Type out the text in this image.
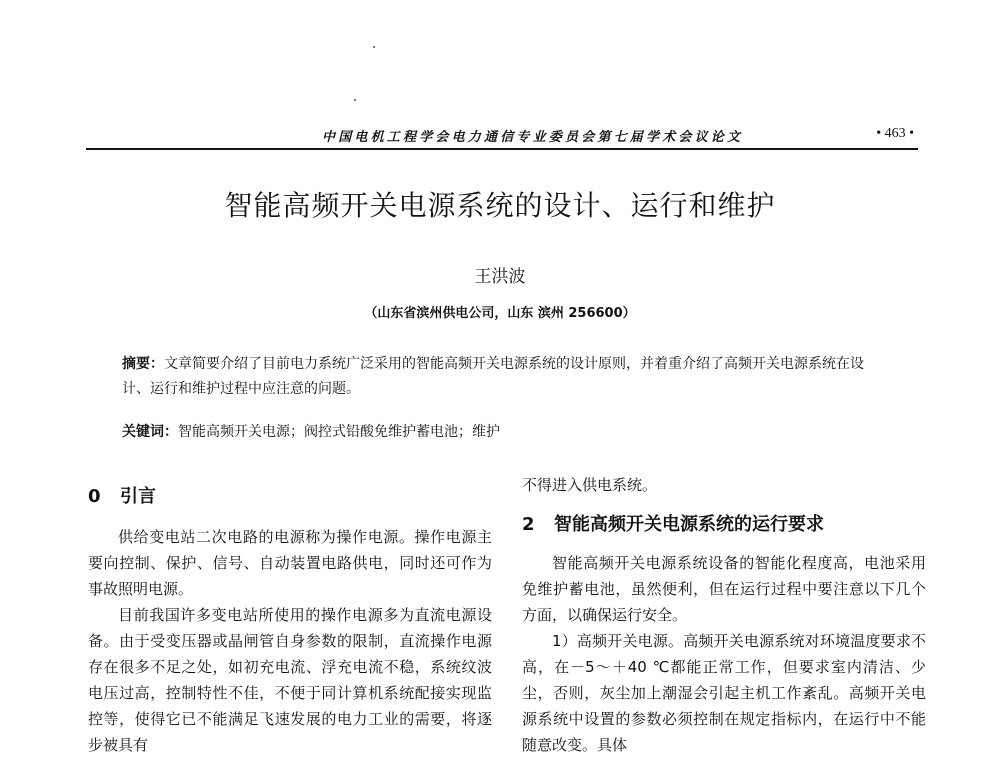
中国电机工程学会电力通信专业委员会第七届学术会议论文	• 463 •
智能高频开关电源系统的设计、运行和维护
王洪波
（山东省滨州供电公司，山东 滨州 256600）
摘要：文章简要介绍了目前电力系统广泛采用的智能高频开关电源系统的设计原则，并着重介绍了高频开关电源系统在设计、运行和维护过程中应注意的问题。
关键词：智能高频开关电源；阀控式铅酸免维护蓄电池；维护
0 引言

供给变电站二次电路的电源称为操作电源。操作电源主要向控制、保护、信号、自动装置电路供电，同时还可作为事故照明电源。

目前我国许多变电站所使用的操作电源多为直流电源设备。由于受变压器或晶闸管自身参数的限制，直流操作电源存在很多不足之处，如初充电流、浮充电流不稳，系统纹波电压过高，控制特性不佳，不便于同计算机系统配接实现监控等，使得它已不能满足飞速发展的电力工业的需要，将逐步被具有

不得进入供电系统。

2 智能高频开关电源系统的运行要求

智能高频开关电源系统设备的智能化程度高，电池采用免维护蓄电池，虽然便利，但在运行过程中要注意以下几个方面，以确保运行安全。

1）高频开关电源。高频开关电源系统对环境温度要求不高，在－5～＋40 ℃都能正常工作，但要求室内清洁、少尘，否则，灰尘加上潮湿会引起主机工作紊乱。高频开关电源系统中设置的参数必须控制在规定指标内，在运行中不能随意改变。具体
